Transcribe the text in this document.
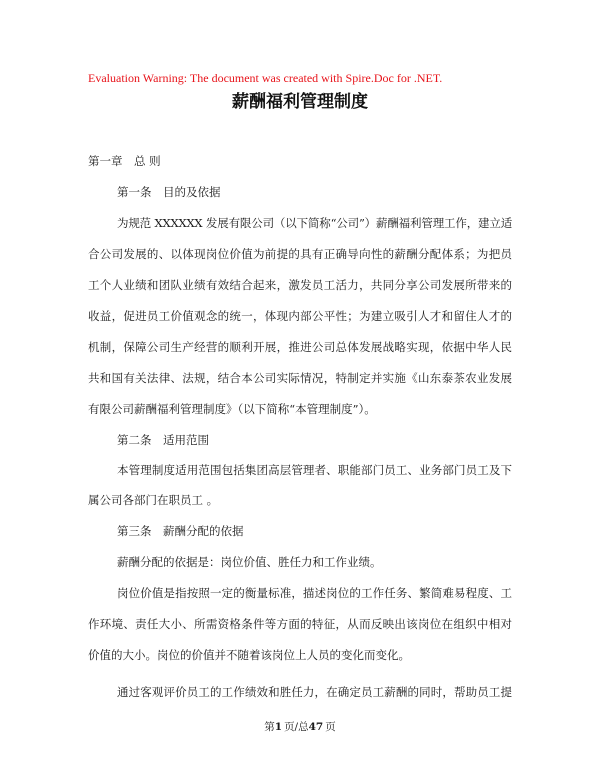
Evaluation Warning: The document was created with Spire.Doc for .NET.
薪酬福利管理制度
第一章　总 则
第一条　目的及依据
为规范 XXXXXX 发展有限公司（以下简称“公司”）薪酬福利管理工作，建立适
合公司发展的、以体现岗位价值为前提的具有正确导向性的薪酬分配体系；为把员
工个人业绩和团队业绩有效结合起来，激发员工活力，共同分享公司发展所带来的
收益，促进员工价值观念的统一，体现内部公平性；为建立吸引人才和留住人才的
机制，保障公司生产经营的顺利开展，推进公司总体发展战略实现，依据中华人民
共和国有关法律、法规，结合本公司实际情况，特制定并实施《山东泰茶农业发展
有限公司薪酬福利管理制度》（以下简称“本管理制度”）。
第二条　适用范围
本管理制度适用范围包括集团高层管理者、职能部门员工、业务部门员工及下
属公司各部门在职员工 。
第三条　薪酬分配的依据
薪酬分配的依据是：岗位价值、胜任力和工作业绩。
岗位价值是指按照一定的衡量标准，描述岗位的工作任务、繁简难易程度、工
作环境、责任大小、所需资格条件等方面的特征，从而反映出该岗位在组织中相对
价值的大小。岗位的价值并不随着该岗位上人员的变化而变化。
通过客观评价员工的工作绩效和胜任力，在确定员工薪酬的同时，帮助员工提
第1 页/总47 页
